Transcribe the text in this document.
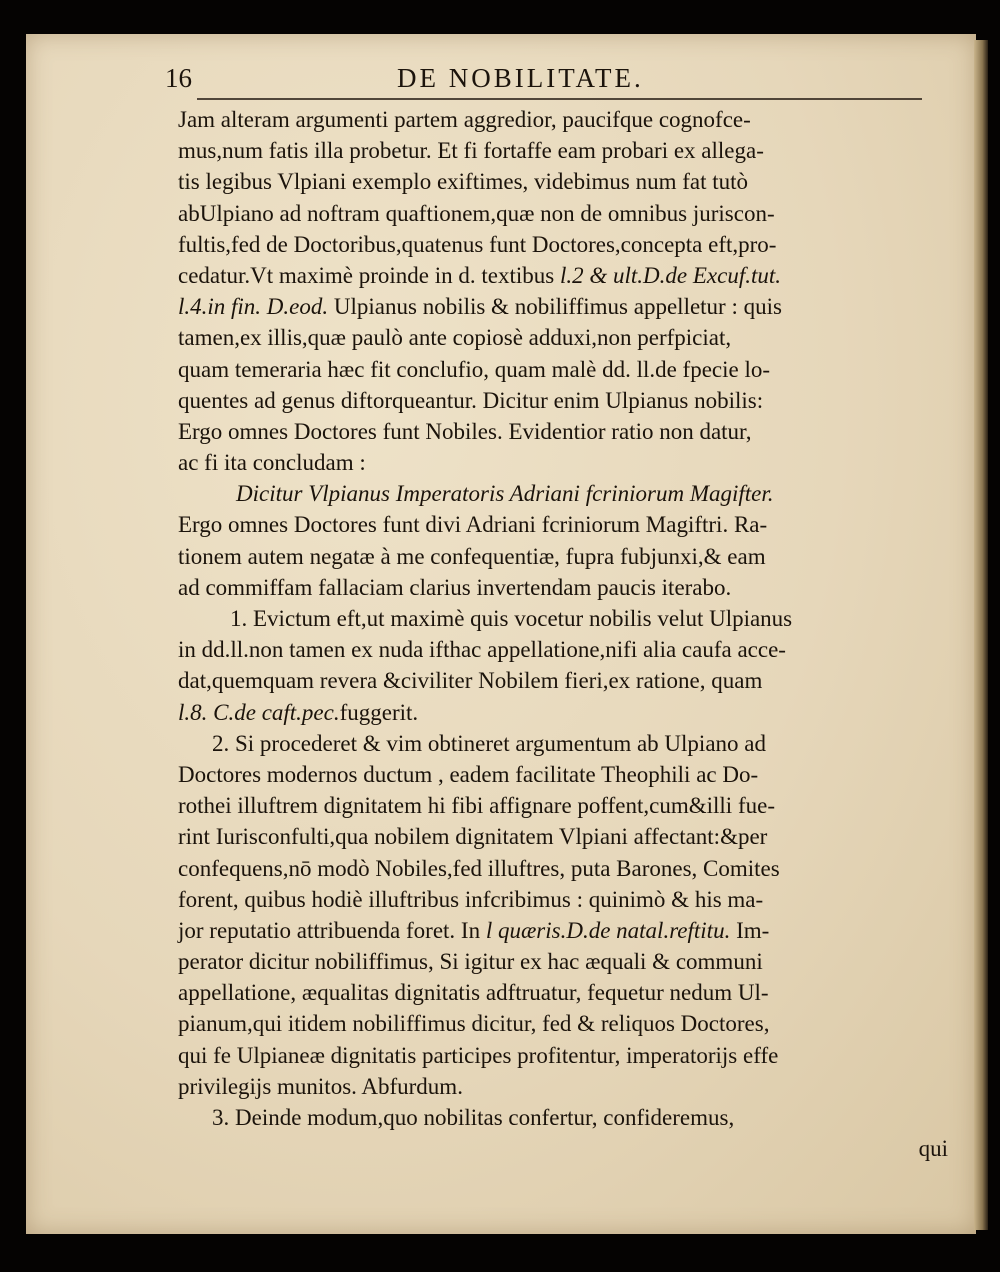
16	DE NOBILITATE.
Jam alteram argumenti partem aggredior, paucifque cognofce-
mus,num fatis illa probetur. Et fi fortaffe eam probari ex allega-
tis legibus Vlpiani exemplo exiftimes, videbimus num fat tutò
abUlpiano ad noftram quaftionem,quæ non de omnibus juriscon-
fultis,fed de Doctoribus,quatenus funt Doctores,concepta eft,pro-
cedatur.Vt maximè proinde in d. textibus l.2 & ult.D.de Excuf.tut.
l.4.in fin. D.eod. Ulpianus nobilis & nobiliffimus appelletur : quis
tamen,ex illis,quæ paulò ante copiosè adduxi,non perfpiciat,
quam temeraria hæc fit conclufio, quam malè dd. ll.de fpecie lo-
quentes ad genus diftorqueantur. Dicitur enim Ulpianus nobilis:
Ergo omnes Doctores funt Nobiles. Evidentior ratio non datur,
ac fi ita concludam :
Dicitur Vlpianus Imperatoris Adriani fcriniorum Magifter.
Ergo omnes Doctores funt divi Adriani fcriniorum Magiftri. Ra-
tionem autem negatæ à me confequentiæ, fupra fubjunxi,& eam
ad commiffam fallaciam clarius invertendam paucis iterabo.
1. Evictum eft,ut maximè quis vocetur nobilis velut Ulpianus
in dd.ll.non tamen ex nuda ifthac appellatione,nifi alia caufa acce-
dat,quemquam revera &civiliter Nobilem fieri,ex ratione, quam
l.8. C.de caft.pec.fuggerit.
2. Si procederet & vim obtineret argumentum ab Ulpiano ad
Doctores modernos ductum , eadem facilitate Theophili ac Do-
rothei illuftrem dignitatem hi fibi affignare poffent,cum&illi fue-
rint Iurisconfulti,qua nobilem dignitatem Vlpiani affectant:&per
confequens,nō modò Nobiles,fed illuftres, puta Barones, Comites
forent, quibus hodiè illuftribus infcribimus : quinimò & his ma-
jor reputatio attribuenda foret. In l quæris.D.de natal.reftitu. Im-
perator dicitur nobiliffimus, Si igitur ex hac æquali & communi
appellatione, æqualitas dignitatis adftruatur, fequetur nedum Ul-
pianum,qui itidem nobiliffimus dicitur, fed & reliquos Doctores,
qui fe Ulpianeæ dignitatis participes profitentur, imperatorijs effe
privilegijs munitos. Abfurdum.
3. Deinde modum,quo nobilitas confertur, confideremus,
qui
